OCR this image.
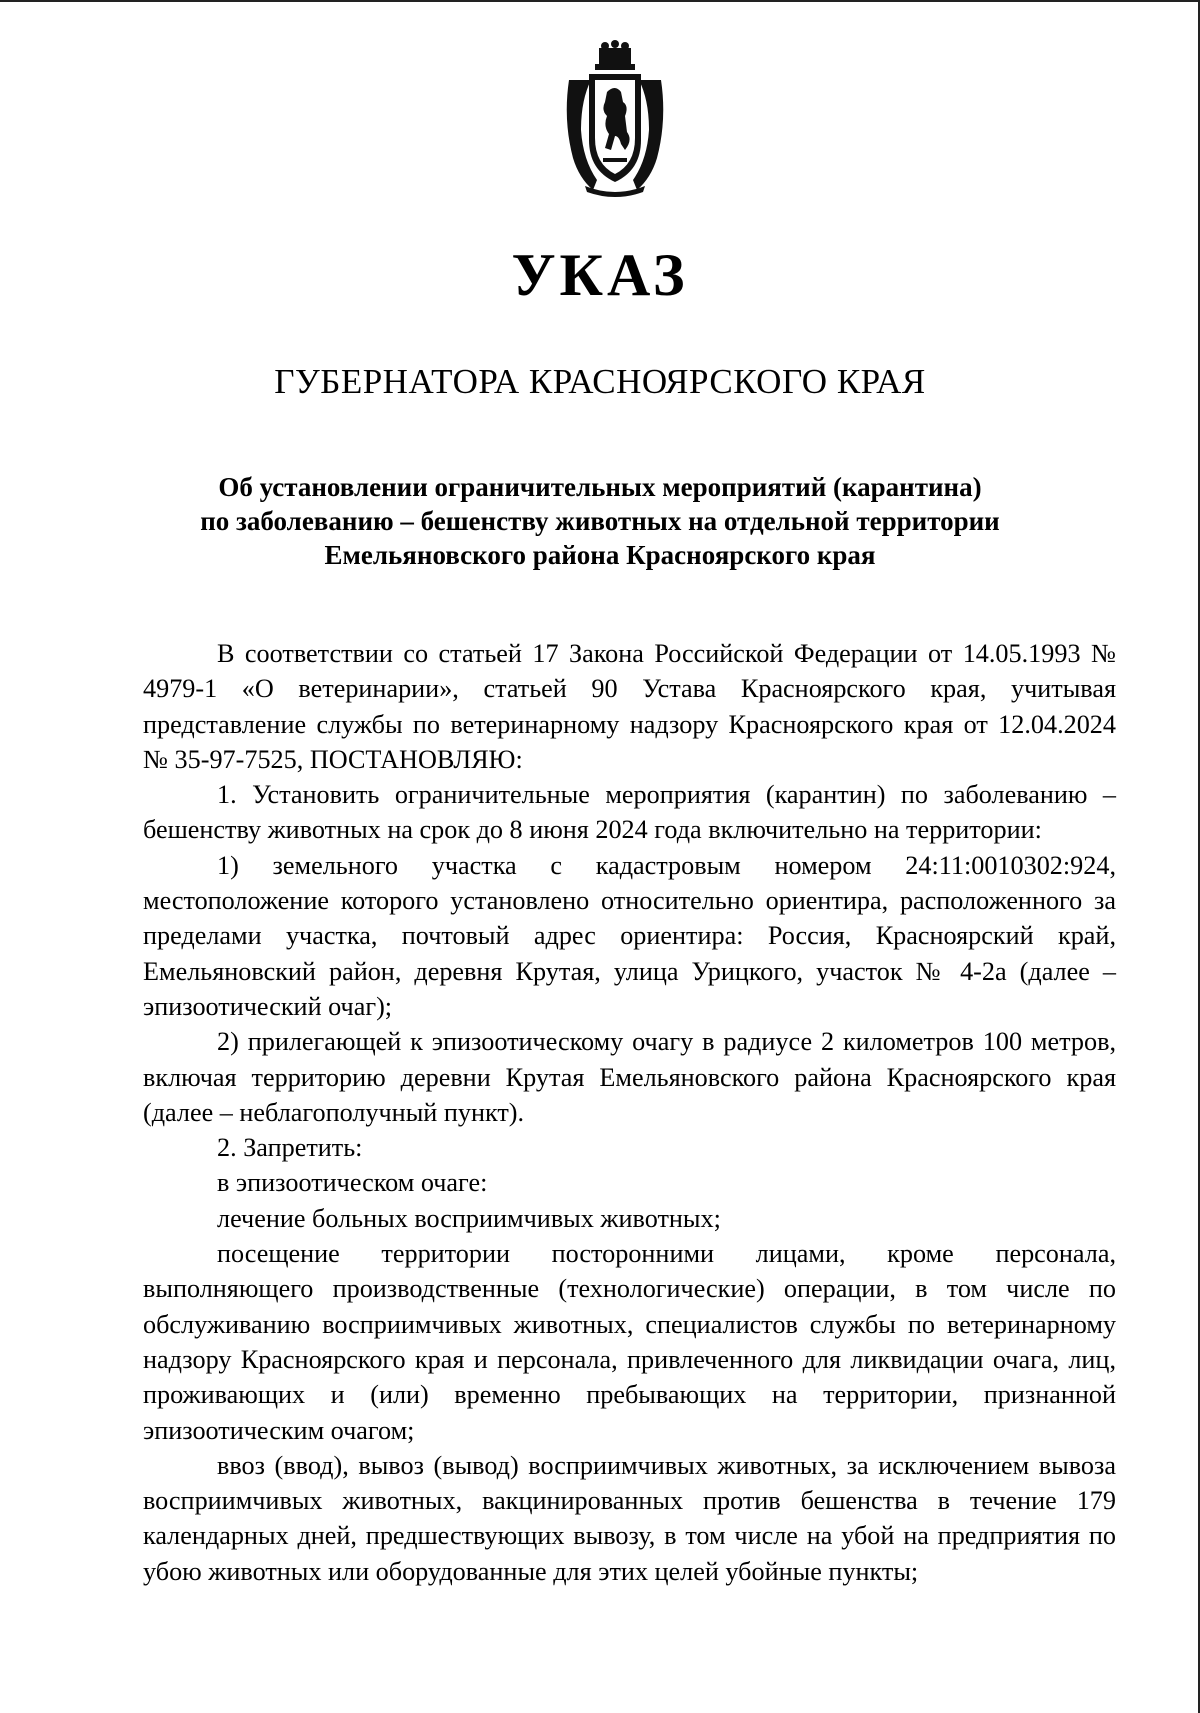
УКАЗ
ГУБЕРНАТОРА КРАСНОЯРСКОГО КРАЯ
Об установлении ограничительных мероприятий (карантина)
по заболеванию – бешенству животных на отдельной территории
Емельяновского района Красноярского края

В соответствии со статьей 17 Закона Российской Федерации от 14.05.1993 № 4979-1 «О ветеринарии», статьей 90 Устава Красноярского края, учитывая представление службы по ветеринарному надзору Красноярского края от 12.04.2024 № 35-97-7525, ПОСТАНОВЛЯЮ:

1. Установить ограничительные мероприятия (карантин) по заболеванию – бешенству животных на срок до 8 июня 2024 года включительно на территории:

1) земельного участка с кадастровым номером 24:11:0010302:924, местоположение которого установлено относительно ориентира, расположенного за пределами участка, почтовый адрес ориентира: Россия, Красноярский край, Емельяновский район, деревня Крутая, улица Урицкого, участок № 4-2а (далее – эпизоотический очаг);

2) прилегающей к эпизоотическому очагу в радиусе 2 километров 100 метров, включая территорию деревни Крутая Емельяновского района Красноярского края (далее – неблагополучный пункт).

2. Запретить:

в эпизоотическом очаге:

лечение больных восприимчивых животных;

посещение территории посторонними лицами, кроме персонала, выполняющего производственные (технологические) операции, в том числе по обслуживанию восприимчивых животных, специалистов службы по ветеринарному надзору Красноярского края и персонала, привлеченного для ликвидации очага, лиц, проживающих и (или) временно пребывающих на территории, признанной эпизоотическим очагом;

ввоз (ввод), вывоз (вывод) восприимчивых животных, за исключением вывоза восприимчивых животных, вакцинированных против бешенства в течение 179 календарных дней, предшествующих вывозу, в том числе на убой на предприятия по убою животных или оборудованные для этих целей убойные пункты;
